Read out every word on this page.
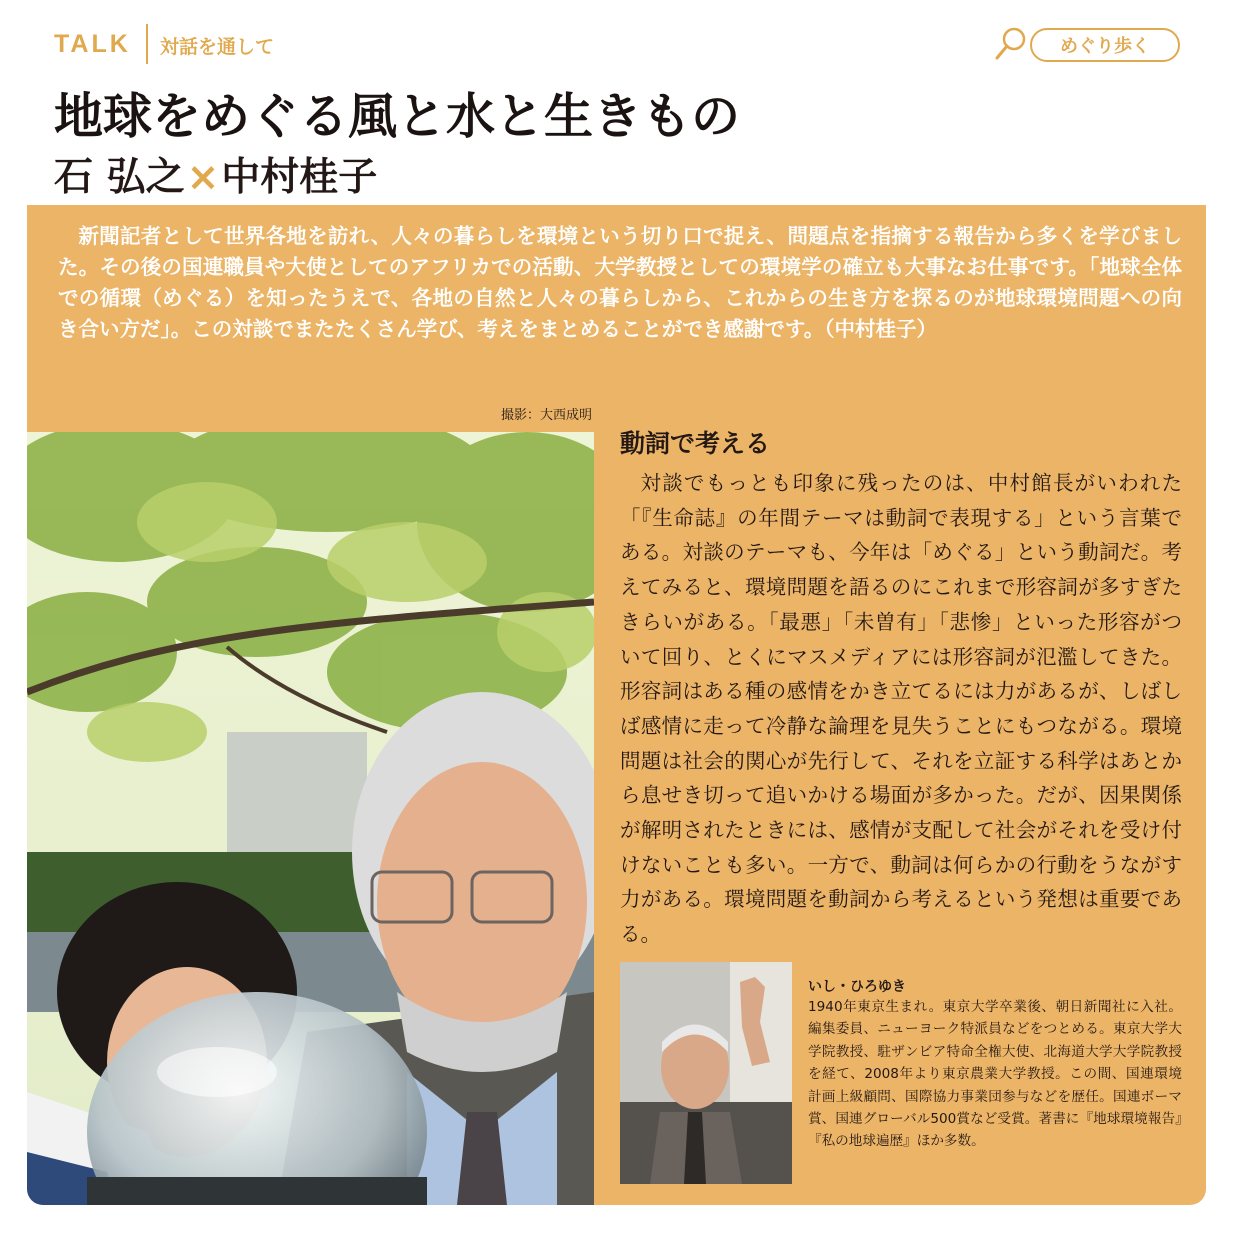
TALK 対話を通して	めぐり歩く
地球をめぐる風と水と生きもの
石 弘之×中村桂子

新聞記者として世界各地を訪れ、人々の暮らしを環境という切り口で捉え、問題点を指摘する報告から多くを学びました。その後の国連職員や大使としてのアフリカでの活動、大学教授としての環境学の確立も大事なお仕事です。「地球全体での循環（めぐる）を知ったうえで、各地の自然と人々の暮らしから、これからの生き方を探るのが地球環境問題への向き合い方だ」。この対談でまたたくさん学び、考えをまとめることができ感謝です。（中村桂子）

撮影：大西成明
動詞で考える

対談でもっとも印象に残ったのは、中村館長がいわれた「『生命誌』の年間テーマは動詞で表現する」という言葉である。対談のテーマも、今年は「めぐる」という動詞だ。考えてみると、環境問題を語るのにこれまで形容詞が多すぎたきらいがある。「最悪」「未曽有」「悲惨」といった形容がついて回り、とくにマスメディアには形容詞が氾濫してきた。形容詞はある種の感情をかき立てるには力があるが、しばしば感情に走って冷静な論理を見失うことにもつながる。環境問題は社会的関心が先行して、それを立証する科学はあとから息せき切って追いかける場面が多かった。だが、因果関係が解明されたときには、感情が支配して社会がそれを受け付けないことも多い。一方で、動詞は何らかの行動をうながす力がある。環境問題を動詞から考えるという発想は重要である。

いし・ひろゆき

1940年東京生まれ。東京大学卒業後、朝日新聞社に入社。編集委員、ニューヨーク特派員などをつとめる。東京大学大学院教授、駐ザンビア特命全権大使、北海道大学大学院教授を経て、2008年より東京農業大学教授。この間、国連環境計画上級顧問、国際協力事業団参与などを歴任。国連ボーマ賞、国連グローバル500賞など受賞。著書に『地球環境報告』『私の地球遍歴』ほか多数。
